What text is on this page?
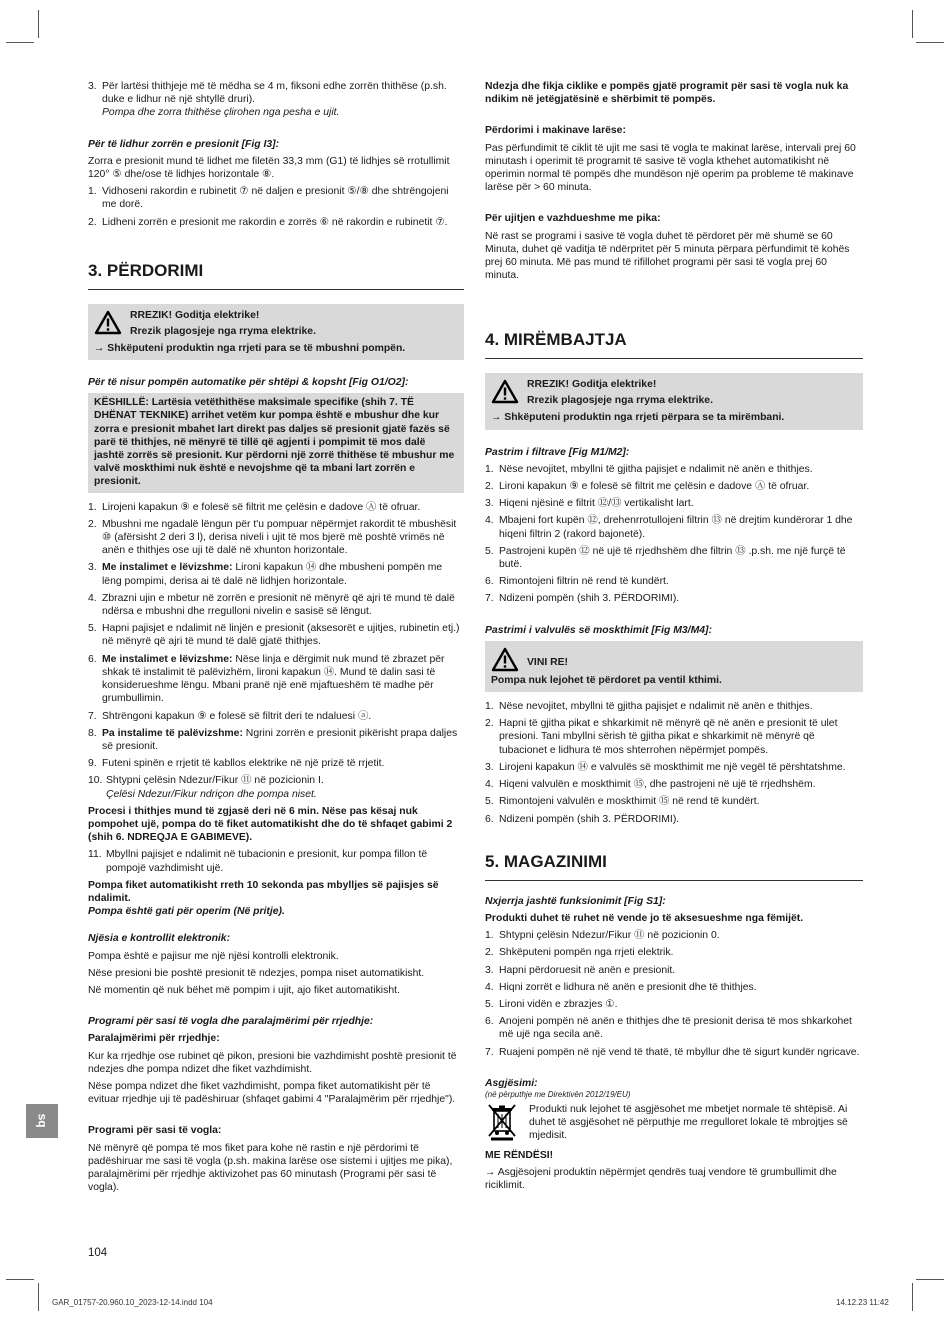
3. Për lartësi thithjeje më të mëdha se 4 m, fiksoni edhe zorrën thithëse (p.sh. duke e lidhur në një shtyllë druri).
Pompa dhe zorra thithëse çlirohen nga pesha e ujit.

Për të lidhur zorrën e presionit [Fig I3]:

Zorra e presionit mund të lidhet me filetën 33,3 mm (G1) të lidhjes së rrotullimit 120° ⑤ dhe/ose të lidhjes horizontale ⑧.

1. Vidhoseni rakordin e rubinetit ⑦ në daljen e presionit ⑤/⑧ dhe shtrëngojeni me dorë.
2. Lidheni zorrën e presionit me rakordin e zorrës ⑥ në rakordin e rubinetit ⑦.
3. PËRDORIMI
RREZIK! Goditja elektrike!
Rrezik plagosjeje nga rryma elektrike.
→ Shkëputeni produktin nga rrjeti para se të mbushni pompën.

Për të nisur pompën automatike për shtëpi & kopsht [Fig O1/O2]:

KËSHILLË: Lartësia vetëthithëse maksimale specifike (shih 7. TË DHËNAT TEKNIKE) arrihet vetëm kur pompa është e mbushur dhe kur zorra e presionit mbahet lart direkt pas daljes së presionit gjatë fazës së parë të thithjes, në mënyrë të tillë që agjenti i pompimit të mos dalë jashtë zorrës së presionit. Kur përdorni një zorrë thithëse të mbushur me valvë moskthimi nuk është e nevojshme që ta mbani lart zorrën e presionit.
1. Lirojeni kapakun ⑨ e folesë së filtrit me çelësin e dadove Ⓐ të ofruar.
2. Mbushni me ngadalë lëngun për t'u pompuar nëpërmjet rakordit të mbushësit ⑩ (afërsisht 2 deri 3 l), derisa niveli i ujit të mos bjerë më poshtë vrimës në anën e thithjes ose uji të dalë në xhunton horizontale.
3. Me instalimet e lëvizshme: Lironi kapakun ⑭ dhe mbusheni pompën me lëng pompimi, derisa ai të dalë në lidhjen horizontale.
4. Zbrazni ujin e mbetur në zorrën e presionit në mënyrë që ajri të mund të dalë ndërsa e mbushni dhe rregulloni nivelin e sasisë së lëngut.
5. Hapni pajisjet e ndalimit në linjën e presionit (aksesorët e ujitjes, rubinetin etj.) në mënyrë që ajri të mund të dalë gjatë thithjes.
6. Me instalimet e lëvizshme: Nëse linja e dërgimit nuk mund të zbrazet për shkak të instalimit të palëvizhëm, lironi kapakun ⑭. Mund të dalin sasi të konsiderueshme lëngu. Mbani pranë një enë mjaftueshëm të madhe për grumbullimin.
7. Shtrëngoni kapakun ⑨ e folesë së filtrit deri te ndaluesi ⓐ.
8. Pa instalime të palëvizshme: Ngrini zorrën e presionit pikërisht prapa daljes së presionit.
9. Futeni spinën e rrjetit të kabllos elektrike në një prizë të rrjetit.
10. Shtypni çelësin Ndezur/Fikur ⑪ në pozicionin I.
Çelësi Ndezur/Fikur ndriçon dhe pompa niset.

Procesi i thithjes mund të zgjasë deri në 6 min. Nëse pas kësaj nuk pompohet ujë, pompa do të fiket automatikisht dhe do të shfaqet gabimi 2 (shih 6. NDREQJA E GABIMEVE).

11. Mbyllni pajisjet e ndalimit në tubacionin e presionit, kur pompa fillon të pompojë vazhdimisht ujë.

Pompa fiket automatikisht rreth 10 sekonda pas mbylljes së pajisjes së ndalimit.

Pompa është gati për operim (Në pritje).

Njësia e kontrollit elektronik:

Pompa është e pajisur me një njësi kontrolli elektronik.

Nëse presioni bie poshtë presionit të ndezjes, pompa niset automatikisht.

Në momentin që nuk bëhet më pompim i ujit, ajo fiket automatikisht.

Programi për sasi të vogla dhe paralajmërimi për rrjedhje:

Paralajmërimi për rrjedhje:

Kur ka rrjedhje ose rubinet që pikon, presioni bie vazhdimisht poshtë presionit të ndezjes dhe pompa ndizet dhe fiket vazhdimisht.

Nëse pompa ndizet dhe fiket vazhdimisht, pompa fiket automatikisht për të evituar rrjedhje uji të padëshiruar (shfaqet gabimi 4 "Paralajmërim për rrjedhje").

Programi për sasi të vogla:

Në mënyrë që pompa të mos fiket para kohe në rastin e një përdorimi të padëshiruar me sasi të vogla (p.sh. makina larëse ose sistemi i ujitjes me pika), paralajmërimi për rrjedhje aktivizohet pas 60 minutash (Programi për sasi të vogla).

Ndezja dhe fikja ciklike e pompës gjatë programit për sasi të vogla nuk ka ndikim në jetëgjatësinë e shërbimit të pompës.

Përdorimi i makinave larëse:

Pas përfundimit të ciklit të ujit me sasi të vogla te makinat larëse, intervali prej 60 minutash i operimit të programit të sasive të vogla kthehet automatikisht në operimin normal të pompës dhe mundëson një operim pa probleme të makinave larëse për > 60 minuta.

Për ujitjen e vazhdueshme me pika:

Në rast se programi i sasive të vogla duhet të përdoret për më shumë se 60 Minuta, duhet që vaditja të ndërpritet për 5 minuta përpara përfundimit të kohës prej 60 minuta. Më pas mund të rifillohet programi për sasi të vogla prej 60 minuta.

4. MIRËMBAJTJA
RREZIK! Goditja elektrike!
Rrezik plagosjeje nga rryma elektrike.
→ Shkëputeni produktin nga rrjeti përpara se ta mirëmbani.

Pastrim i filtrave [Fig M1/M2]:

1. Nëse nevojitet, mbyllni të gjitha pajisjet e ndalimit në anën e thithjes.
2. Lironi kapakun ⑨ e folesë së filtrit me çelësin e dadove Ⓐ të ofruar.
3. Hiqeni njësinë e filtrit ⑫/⑬ vertikalisht lart.
4. Mbajeni fort kupën ⑫, drehenrrotullojeni filtrin ⑬ në drejtim kundërorar 1 dhe hiqeni filtrin 2 (rakord bajonetë).
5. Pastrojeni kupën ⑫ në ujë të rrjedhshëm dhe filtrin ⑬ .p.sh. me një furçë të butë.
6. Rimontojeni filtrin në rend të kundërt.
7. Ndizeni pompën (shih 3. PËRDORIMI).

Pastrimi i valvulës së moskthimit [Fig M3/M4]:

VINI RE!
Pompa nuk lejohet të përdoret pa ventil kthimi.
1. Nëse nevojitet, mbyllni të gjitha pajisjet e ndalimit në anën e thithjes.
2. Hapni të gjitha pikat e shkarkimit në mënyrë që në anën e presionit të ulet presioni. Tani mbyllni sërish të gjitha pikat e shkarkimit në mënyrë që tubacionet e lidhura të mos shterrohen nëpërmjet pompës.
3. Lirojeni kapakun ⑭ e valvulës së moskthimit me një vegël të përshtatshme.
4. Hiqeni valvulën e moskthimit ⑮, dhe pastrojeni në ujë të rrjedhshëm.
5. Rimontojeni valvulën e moskthimit ⑮ në rend të kundërt.
6. Ndizeni pompën (shih 3. PËRDORIMI).
5. MAGAZINIMI

Nxjerrja jashtë funksionimit [Fig S1]:

Produkti duhet të ruhet në vende jo të aksesueshme nga fëmijët.

1. Shtypni çelësin Ndezur/Fikur ⑪ në pozicionin 0.
2. Shkëputeni pompën nga rrjeti elektrik.
3. Hapni përdoruesit në anën e presionit.
4. Hiqni zorrët e lidhura në anën e presionit dhe të thithjes.
5. Lironi vidën e zbrazjes ①.
6. Anojeni pompën në anën e thithjes dhe të presionit derisa të mos shkarkohet më ujë nga secila anë.
7. Ruajeni pompën në një vend të thatë, të mbyllur dhe të sigurt kundër ngricave.

Asgjësimi:

(në përputhje me Direktivën 2012/19/EU)

Produkti nuk lejohet të asgjësohet me mbetjet normale të shtëpisë. Ai duhet të asgjësohet në përputhje me rregulloret lokale të mbrojtjes së mjedisit.

ME RËNDËSI!

→ Asgjësojeni produktin nëpërmjet qendrës tuaj vendore të grumbullimit dhe riciklimit.

sq
104
GAR_01757-20.960.10_2023-12-14.indd 104	14.12.23 11:42
